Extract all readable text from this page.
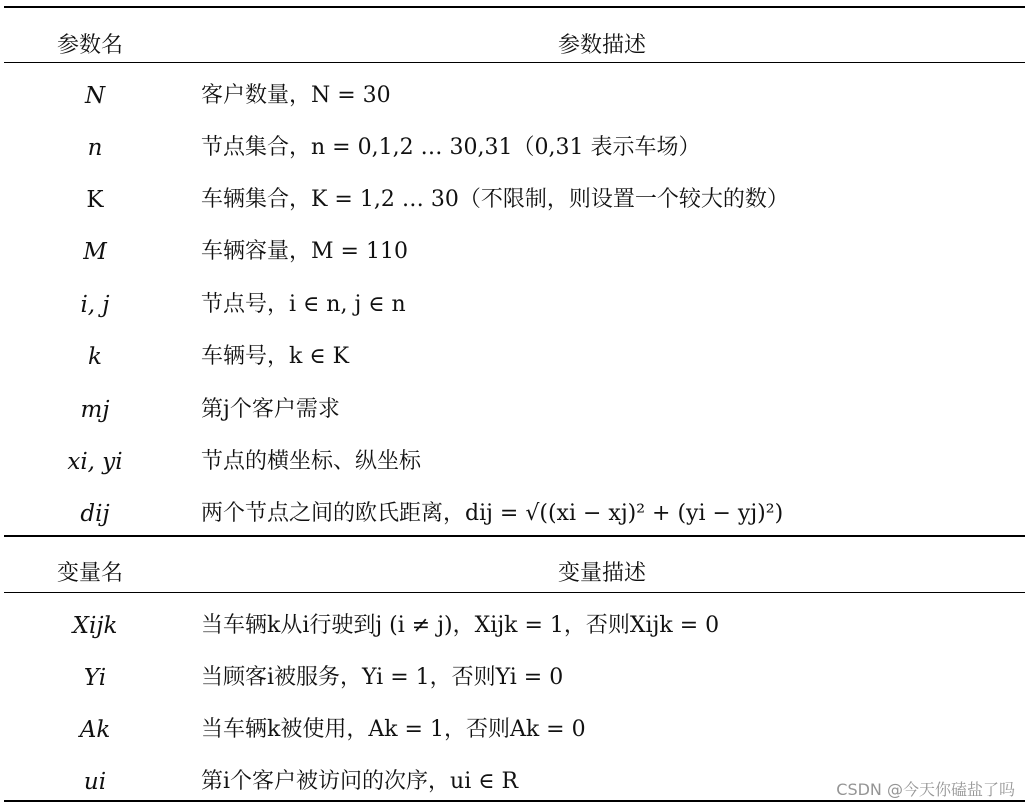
参数名	参数描述
N	客户数量，N = 30
n	节点集合，n = 0,1,2 … 30,31（0,31 表示车场）
K	车辆集合，K = 1,2 … 30（不限制，则设置一个较大的数）
M	车辆容量，M = 110
i, j	节点号，i ∈ n, j ∈ n
k	车辆号，k ∈ K
mj	第j个客户需求
xi, yi	节点的横坐标、纵坐标
dij	两个节点之间的欧氏距离，dij = √((xi − xj)² + (yi − yj)²)
变量名	变量描述
Xijk	当车辆k从i行驶到j (i ≠ j)，Xijk = 1，否则Xijk = 0
Yi	当顾客i被服务，Yi = 1，否则Yi = 0
Ak	当车辆k被使用，Ak = 1，否则Ak = 0
ui	第i个客户被访问的次序，ui ∈ R	CSDN @今天你磕盐了吗
